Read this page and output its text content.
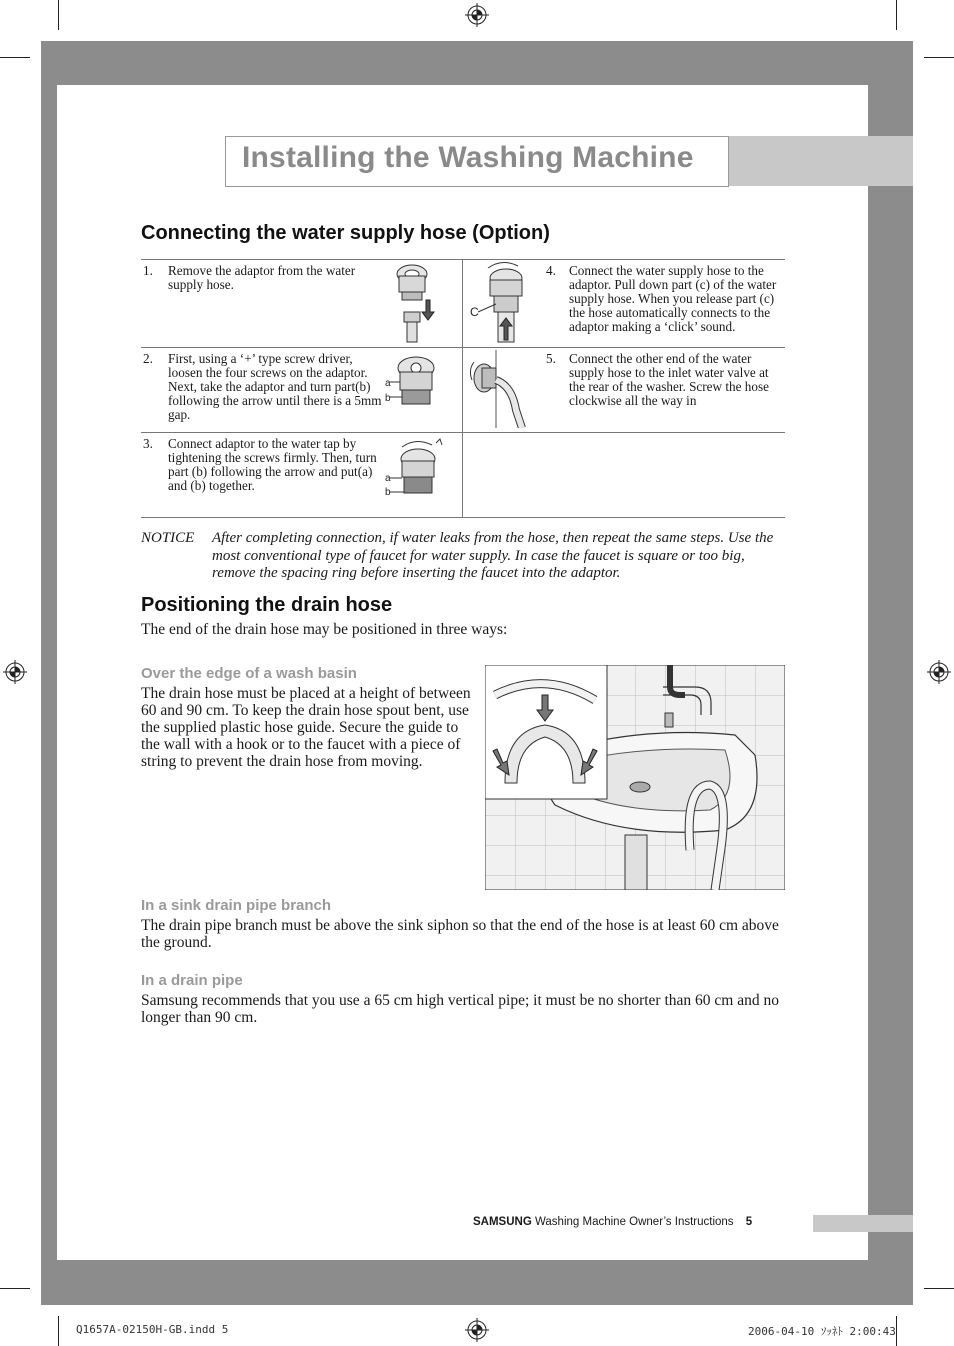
Installing the Washing Machine
Connecting the water supply hose (Option)
1. Remove the adaptor from the water supply hose.
2. First, using a ‘+’ type screw driver, loosen the four screws on the adaptor. Next, take the adaptor and turn part(b) following the arrow until there is a 5mm gap.
a
b
3. Connect adaptor to the water tap by tightening the screws firmly. Then, turn part (b) following the arrow and put(a) and (b) together.	a
b
C
4. Connect the water supply hose to the adaptor. Pull down part (c) of the water supply hose. When you release part (c) the hose automatically connects to the adaptor making a ‘click’ sound.
5. Connect the other end of the water supply hose to the inlet water valve at the rear of the washer. Screw the hose clockwise all the way in
NOTICE After completing connection, if water leaks from the hose, then repeat the same steps. Use the most conventional type of faucet for water supply. In case the faucet is square or too big, remove the spacing ring before inserting the faucet into the adaptor.
Positioning the drain hose
The end of the drain hose may be positioned in three ways:
Over the edge of a wash basin
The drain hose must be placed at a height of between 60 and 90 cm. To keep the drain hose spout bent, use the supplied plastic hose guide. Secure the guide to the wall with a hook or to the faucet with a piece of string to prevent the drain hose from moving.
In a sink drain pipe branch
The drain pipe branch must be above the sink siphon so that the end of the hose is at least 60 cm above the ground.
In a drain pipe
Samsung recommends that you use a 65 cm high vertical pipe; it must be no shorter than 60 cm and no longer than 90 cm.
SAMSUNG Washing Machine Owner’s Instructions 5
Q1657A-02150H-GB.indd 5	2006-04-10 ｿｯﾈﾄ 2:00:43
